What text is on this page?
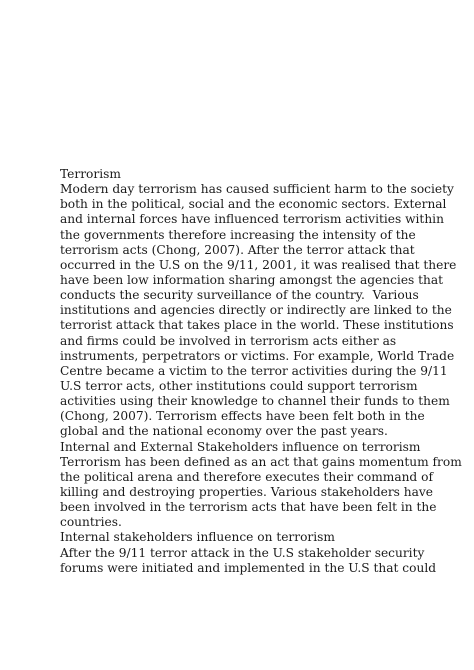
Terrorism
Modern day terrorism has caused sufficient harm to the society
both in the political, social and the economic sectors. External
and internal forces have influenced terrorism activities within
the governments therefore increasing the intensity of the
terrorism acts (Chong, 2007). After the terror attack that
occurred in the U.S on the 9/11, 2001, it was realised that there
have been low information sharing amongst the agencies that
conducts the security surveillance of the country.  Various
institutions and agencies directly or indirectly are linked to the
terrorist attack that takes place in the world. These institutions
and firms could be involved in terrorism acts either as
instruments, perpetrators or victims. For example, World Trade
Centre became a victim to the terror activities during the 9/11
U.S terror acts, other institutions could support terrorism
activities using their knowledge to channel their funds to them
(Chong, 2007). Terrorism effects have been felt both in the
global and the national economy over the past years.
Internal and External Stakeholders influence on terrorism
Terrorism has been defined as an act that gains momentum from
the political arena and therefore executes their command of
killing and destroying properties. Various stakeholders have
been involved in the terrorism acts that have been felt in the
countries.
Internal stakeholders influence on terrorism
After the 9/11 terror attack in the U.S stakeholder security
forums were initiated and implemented in the U.S that could
